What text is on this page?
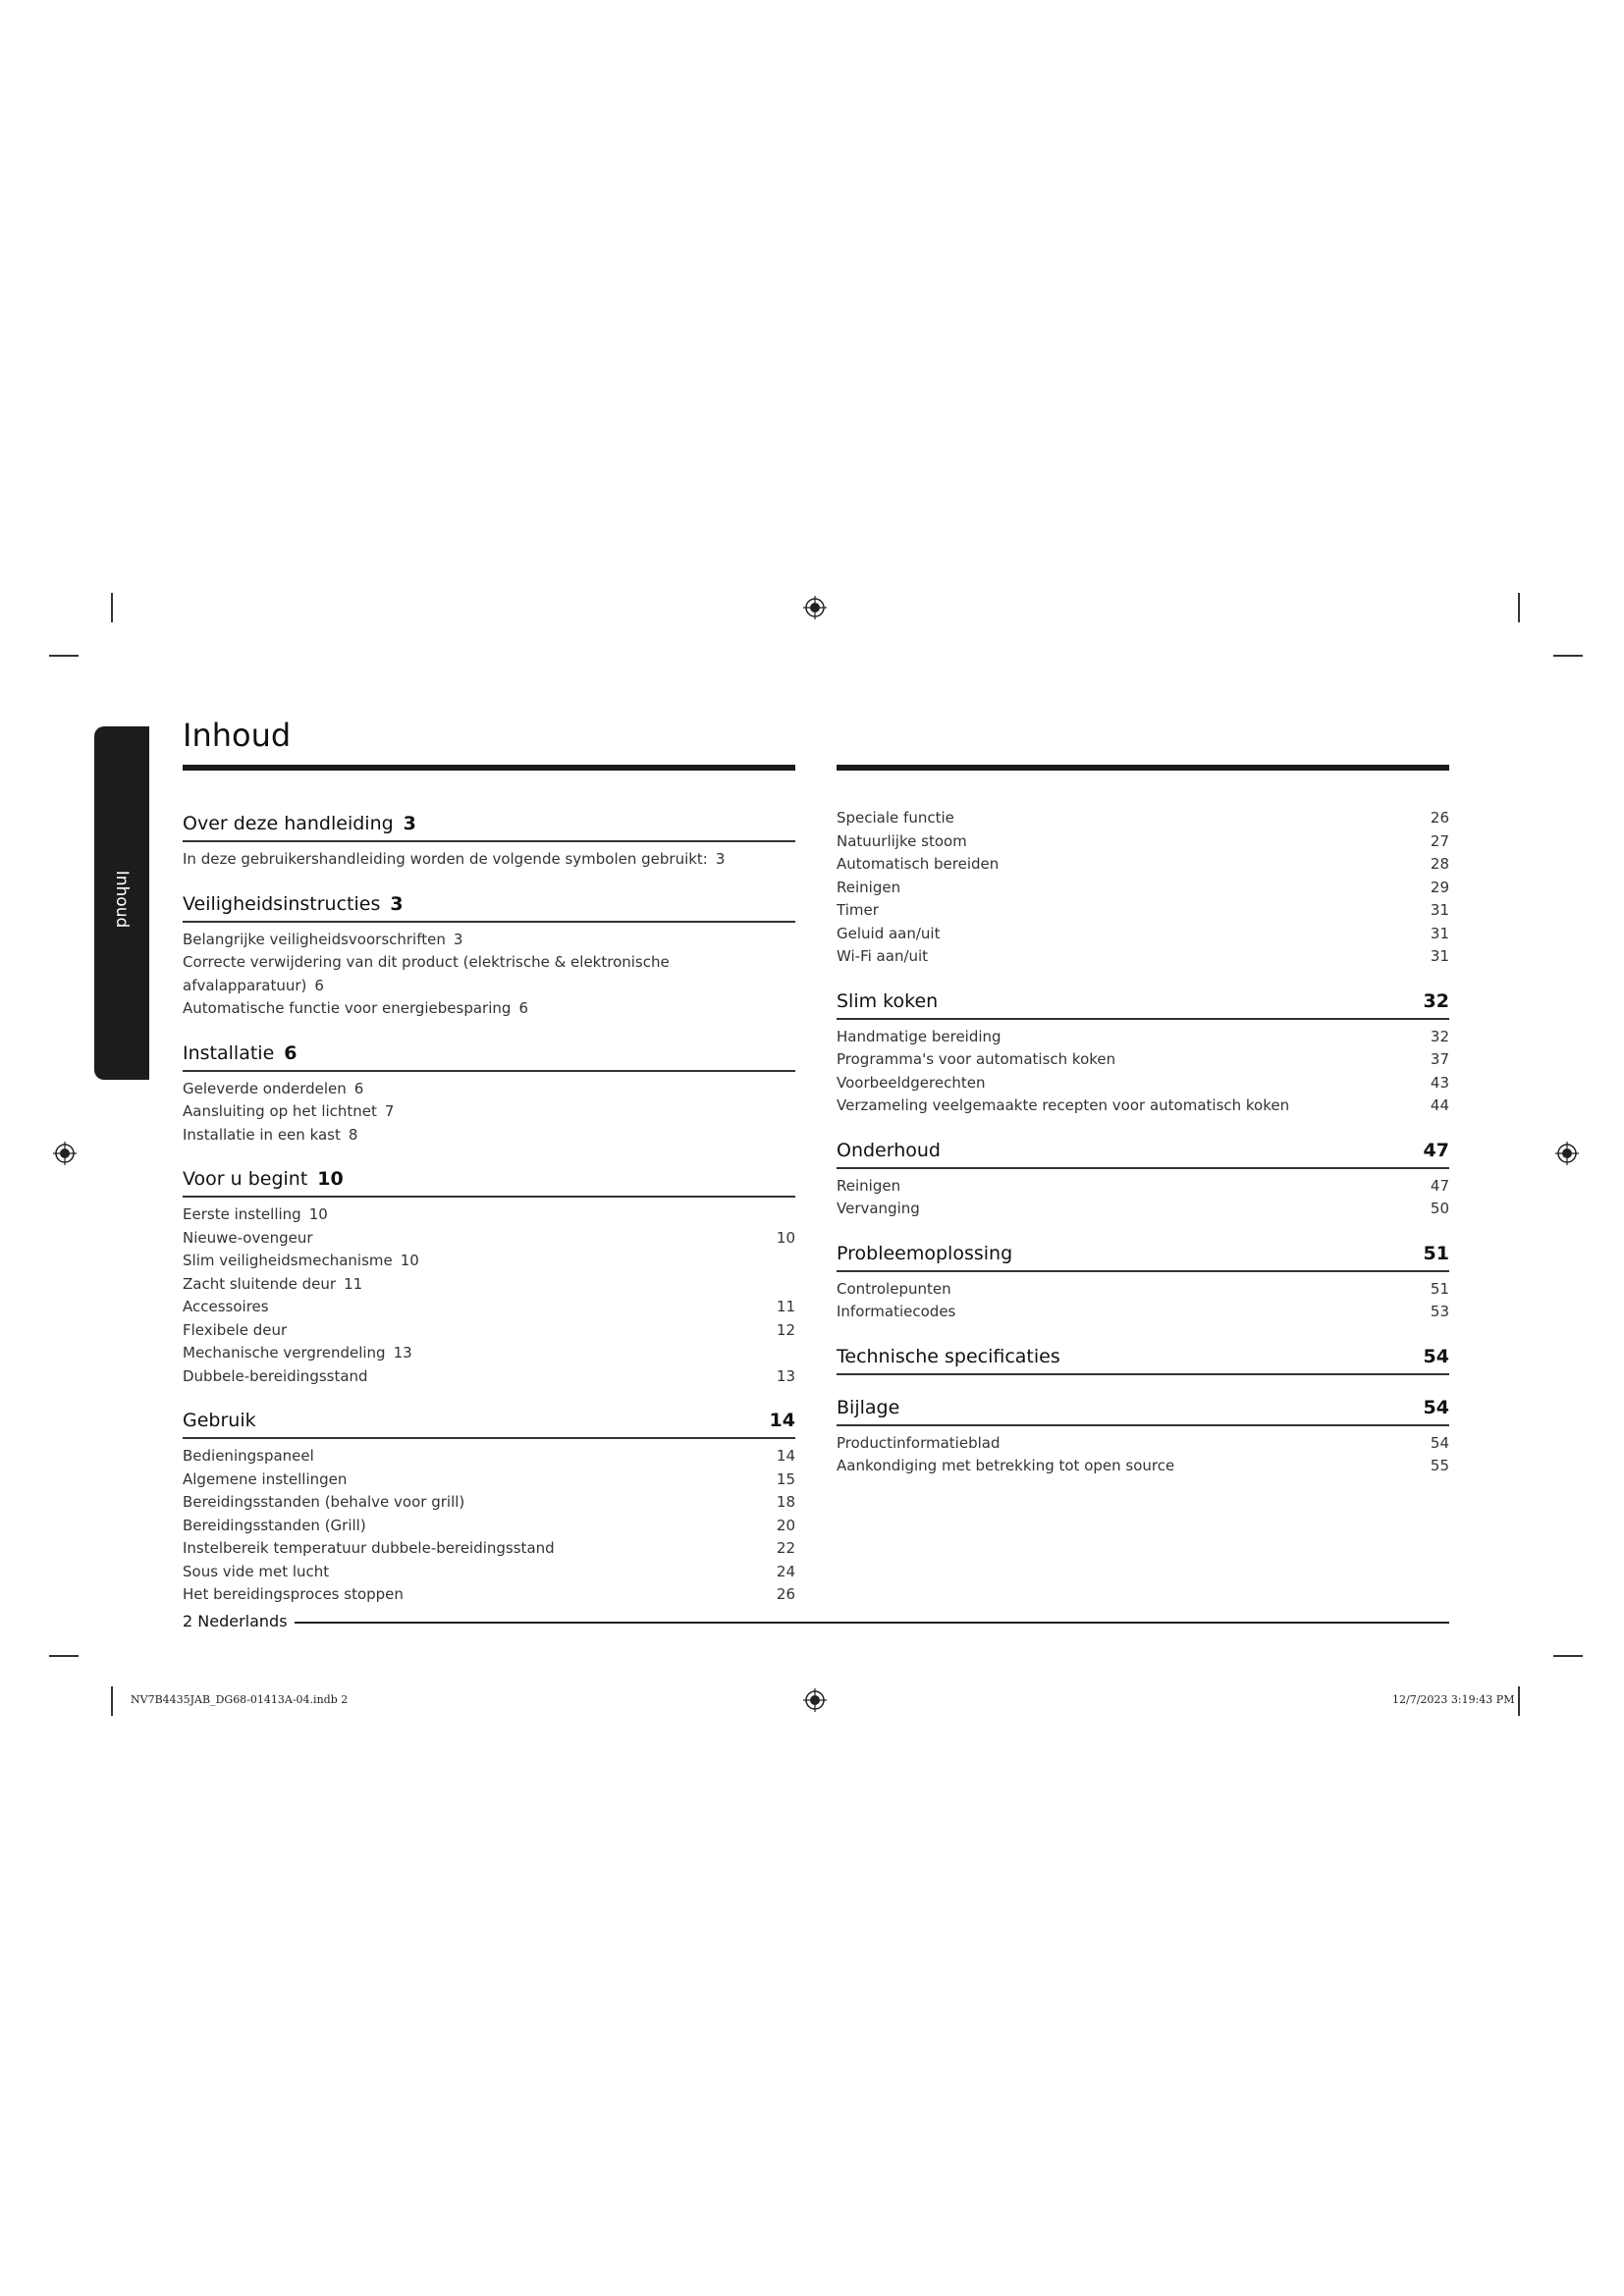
Inhoud
Inhoud
Over deze handleiding 3
In deze gebruikershandleiding worden de volgende symbolen gebruikt: 3
Veiligheidsinstructies 3
Belangrijke veiligheidsvoorschriften 3
Correcte verwijdering van dit product (elektrische & elektronische afvalapparatuur) 6
Automatische functie voor energiebesparing 6
Installatie 6
Geleverde onderdelen 6
Aansluiting op het lichtnet 7
Installatie in een kast 8
Voor u begint 10
Eerste instelling 10
Nieuwe-ovengeur	10
Slim veiligheidsmechanisme 10
Zacht sluitende deur 11
Accessoires	11
Flexibele deur	12
Mechanische vergrendeling 13
Dubbele-bereidingsstand	13
Gebruik	14
Bedieningspaneel	14
Algemene instellingen	15
Bereidingsstanden (behalve voor grill)	18
Bereidingsstanden (Grill)	20
Instelbereik temperatuur dubbele-bereidingsstand	22
Sous vide met lucht	24
Het bereidingsproces stoppen	26
Speciale functie	26
Natuurlijke stoom	27
Automatisch bereiden	28
Reinigen	29
Timer	31
Geluid aan/uit	31
Wi-Fi aan/uit	31
Slim koken	32
Handmatige bereiding	32
Programma's voor automatisch koken	37
Voorbeeldgerechten	43
Verzameling veelgemaakte recepten voor automatisch koken	44
Onderhoud	47
Reinigen	47
Vervanging	50
Probleemoplossing	51
Controlepunten	51
Informatiecodes	53
Technische specificaties	54
Bijlage	54
Productinformatieblad	54
Aankondiging met betrekking tot open source	55
2 Nederlands
NV7B4435JAB_DG68-01413A-04.indb 2	12/7/2023 3:19:43 PM
